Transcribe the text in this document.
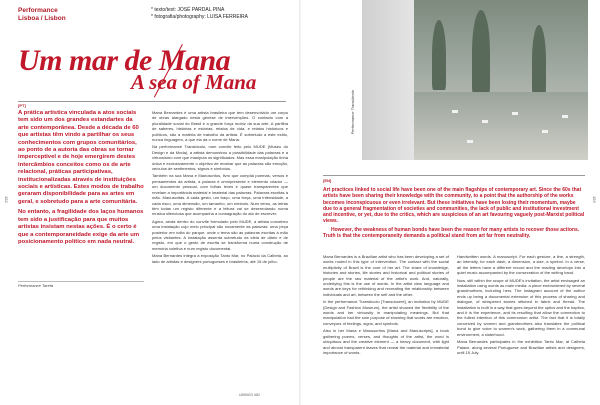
192	193
Performance
Lisboa / Lisbon
* texto/text: JOSÉ PARDAL PINA
* fotografia/photography: LUISA FERREIRA
Um mar de Mana
A sea of Mana
[PT]

A prática artística vinculada a atos sociais tem sido um dos grandes estandartes da arte contemporânea. Desde a década de 60 que artistas têm vindo a partilhar os seus conhecimentos com grupos comunitários, ao ponto de a autoria das obras se tornar imperceptível e de hoje emergirem destes intercâmbios conceitos como os de arte relacional, práticas participativas, institucionalizadas através de instituições sociais e artísticas. Estes modos de trabalho geraram disponibilidade para as artes em geral, e sobretudo para a arte comunitária.

No entanto, a fragilidade dos laços humanos tem sido a justificação para que muitos artistas insistam nestas ações. É o certo é que a contemporaneidade exige da arte um posicionamento político em nada neutral.

Performance Tarefa

Mana Bernardes é uma artista brasileira que tem desenvolvido um corpo de obras alargado nesta génese de intervenções. O contacto com a pluralidade social do Brasil é a grande força motriz da sua arte. A partilha de saberes, histórias e estórias, relatos de vida, e relatos históricos e políticos, são a matéria de trabalho da artista. É sobretudo a este estilo, nunca linguagem, a que ela dá o nome de Mana.

Na performance Transbicolo, num convite feito pelo MUDE (Museu do Design e da Moda), a artista demonstrou a possibilidade das palavras e a virtuosismo com que manipula os significados. Mas essa manipulação tinha única e exclusivamente o objetivo de mostrar que as palavras são emoção, veículos de sentimentos, signos e símbolos.

Também na sua Mana e Manuscritos, livro que compila poemas, versos e pensamentos da artista, a palavra é omnipresente e elemento criador — um documento pessoal, com folhas leves e quase transparentes que revelam a importância material e imaterial das palavras. Palavras escritas à mão. Manuscritas. A cada gesto, um traço, uma força, uma intensidade, a cada risco, uma dimensão, um tamanho, um símbolo. Num verso, as letras têm todas um registo diferente e a leitura vai se desenrolando numa música silenciosa que acompanha a consagração do ato de escrever.

Agora, ainda dentro do convite formulado pelo MUDE, a artista concebeu uma instalação cujo meio principal são novamente as palavras: uma peça posterior em volta do parque, onde o tema são as palavras escritas à mão pelos visitantes. A instalação assenta sobretudo na ideia de diário e de registo, em que o gesto de escrita se transforma numa construção de memória coletiva e num registo documental.

Mana Bernardes integra a exposição Tanto Mar, no Palácio da Calheta, ao lado de artistas e designers portugueses e brasileiros, até 15 de julho.

UMBIGO #82
Performance Transbicolo
[EN]

Art practices linked to social life have been one of the main flagships of contemporary art. Since the 60s that artists have been sharing their knowledge with the community, to a point that the authorship of the works becomes inconspicuous or even irrelevant. But these initiatives have been losing their momentum, maybe due to a general fragmentation of societies and communities, the lack of public and institutional investment and incentive, or yet, due to the critics, which are suspicious of an art favouring vaguely post-Marxist political views.

However, the weakness of human bonds have been the reason for many artists to recover those actions. Truth is that the contemporaneity demands a political stand from art far from neutrality.

Mana Bernardes is a Brazilian artist who has been developing a set of works rooted in this type of intervention. The contact with the social multiplicity of Brazil is the core of her art. The share of knowledge, histories and stories, life stories and historical and political stories of people are the raw material of the artist's work. And, naturally, underlying this is the use of words. In the artist view language and words are keys for rethinking and recreating the relationship between individuals and art, between the self and the other.

In the performance Transbicolo [Transducent], an invitation by MUDE (Design and Fashion Museum), the artist showed the flexibility of the words and her virtuosity in manipulating meanings. But that manipulation had the sole purpose of showing that words are emotion, conveyors of feelings, signs, and symbols.

Also in her Mana e Manuscritos [Mana and Manuscripts], a book gathering poems, verses, and thoughts of the artist, the word is ubiquitous and the creative element — a heavy document, with light and almost transparent leaves that reveal the material and immaterial importance of words.

Handwritten words. A manuscript. For each gesture, a line, a strength, an intensity, for each dash, a dimension, a size, a symbol. In a verse, all the letters have a different record and the reading develops into a quiet music accompanied by the consecration of the writing hand.

Now, still within the scope of MUDE's invitation, the artist envisaged an installation using words as main media: a piece embroidered by several grandmothers, including hers. The Instagram account of the author ends up being a documental extension of this process of sharing and dialogue, of whispered stories stitched in fabric and thread. The installation is built in a way that goes beyond the optics and the haptics, and it is the experience, and its resulting that allow the connection to the fullest intention of this communion artist. The fact that it is totally conceived by women and grandmothers also translates the political bond to give voice to women's work, gathering them in a communal environment, a sisterhood.

Mana Bernardes participates in the exhibition Tanto Mar, at Calheta Palace, along several Portuguese and Brazilian artists and designers, until 15 July.
